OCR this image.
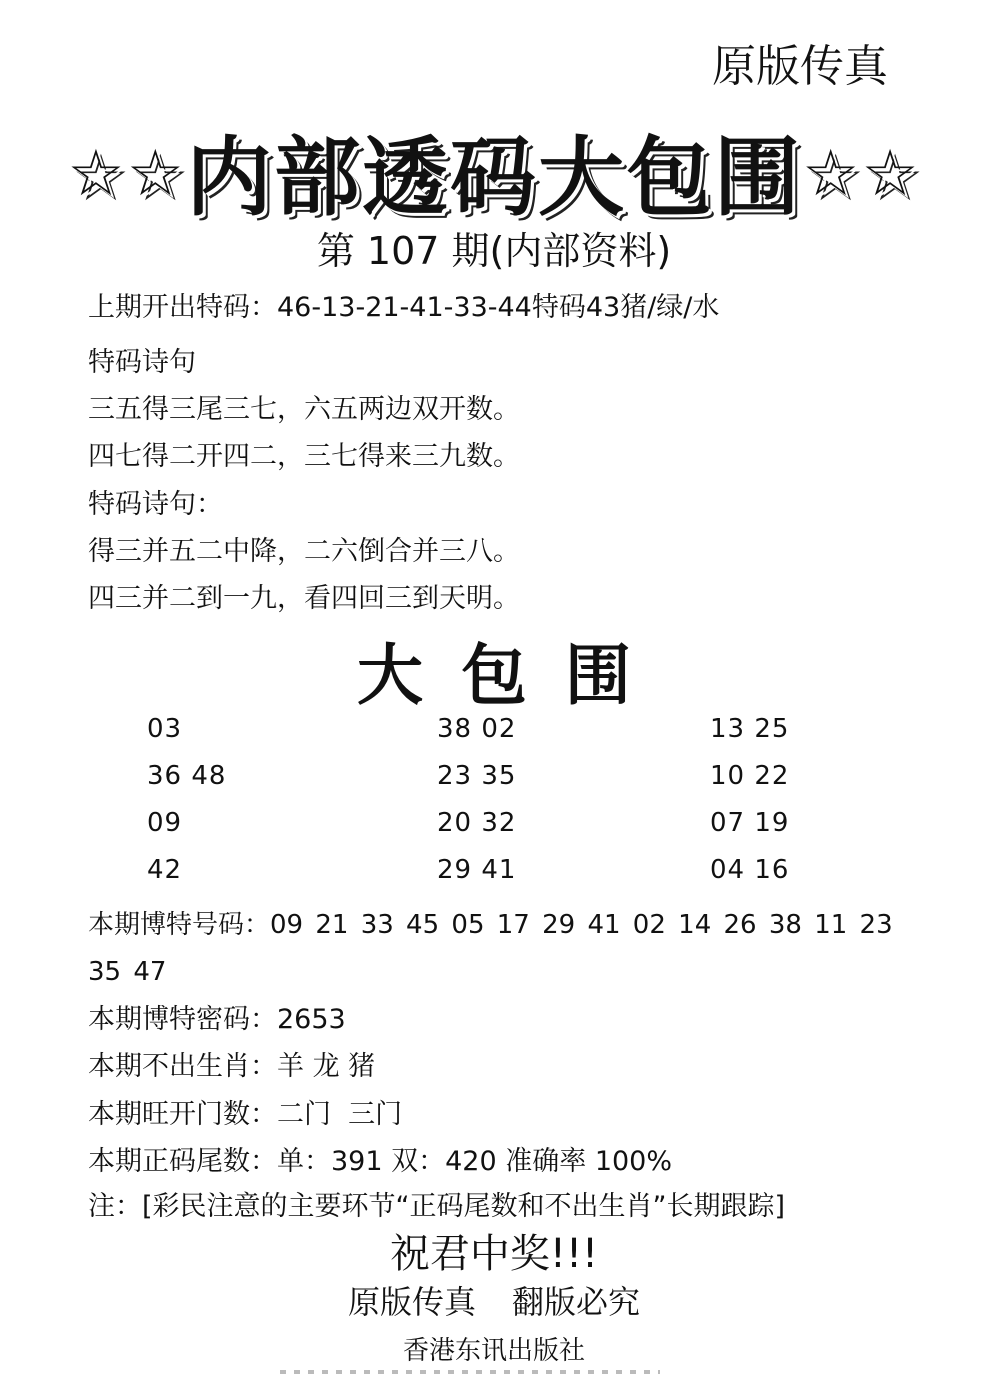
原版传真
☆☆内部透码大包围☆☆
第 107 期(内部资料)
上期开出特码：46-13-21-41-33-44特码43猪/绿/水
特码诗句
三五得三尾三七，六五两边双开数。
四七得二开四二，三七得来三九数。
特码诗句：
得三并五二中降，二六倒合并三八。
四三并二到一九，看四回三到天明。
大包围
03	38 02	13 25
36 48	23 35	10 22
09	20 32	07 19
42	29 41	04 16
本期博特号码：09 21 33 45 05 17 29 41 02 14 26 38 11 23 35 47
本期博特密码：2653
本期不出生肖：羊 龙 猪
本期旺开门数：二门  三门
本期正码尾数：单：391 双：420 准确率 100%
注：[彩民注意的主要环节“正码尾数和不出生肖”长期跟踪]
祝君中奖!!!
原版传真 翻版必究
香港东讯出版社
